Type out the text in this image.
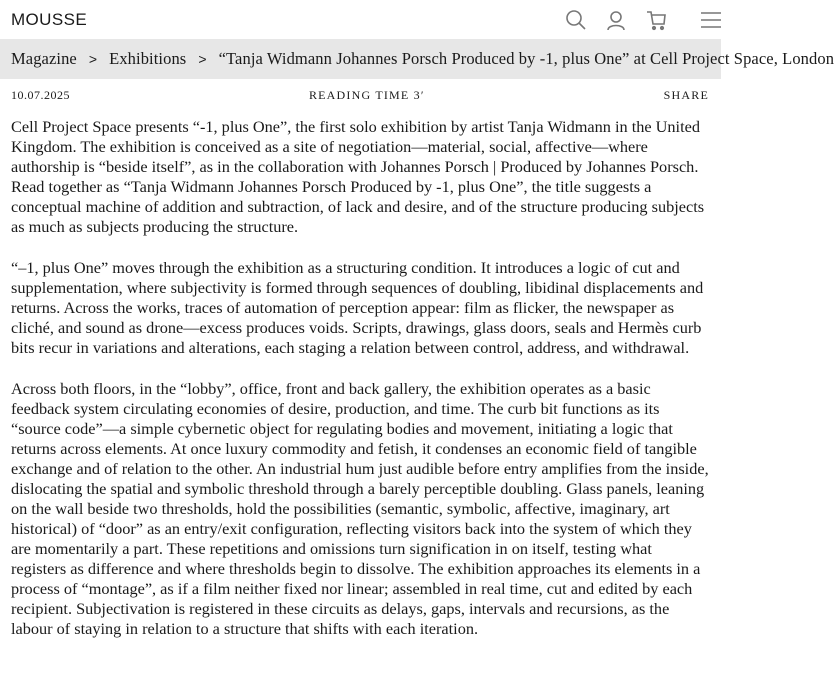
MOUSSE
Magazine > Exhibitions > “Tanja Widmann Johannes Porsch Produced by -1, plus One” at Cell Project Space, London
10.07.2025	READING TIME 3′	SHARE

Cell Project Space presents “-1, plus One”, the first solo exhibition by artist Tanja Widmann in the United Kingdom. The exhibition is conceived as a site of negotiation—material, social, affective—where authorship is “beside itself”, as in the collaboration with Johannes Porsch | Produced by Johannes Porsch. Read together as “Tanja Widmann Johannes Porsch Produced by -1, plus One”, the title suggests a conceptual machine of addition and subtraction, of lack and desire, and of the structure producing subjects as much as subjects producing the structure.

“–1, plus One” moves through the exhibition as a structuring condition. It introduces a logic of cut and supplementation, where subjectivity is formed through sequences of doubling, libidinal displacements and returns. Across the works, traces of automation of perception appear: film as flicker, the newspaper as cliché, and sound as drone—excess produces voids. Scripts, drawings, glass doors, seals and Hermès curb bits recur in variations and alterations, each staging a relation between control, address, and withdrawal.

Across both floors, in the “lobby”, office, front and back gallery, the exhibition operates as a basic feedback system circulating economies of desire, production, and time. The curb bit functions as its “source code”—a simple cybernetic object for regulating bodies and movement, initiating a logic that returns across elements. At once luxury commodity and fetish, it condenses an economic field of tangible exchange and of relation to the other. An industrial hum just audible before entry amplifies from the inside, dislocating the spatial and symbolic threshold through a barely perceptible doubling. Glass panels, leaning on the wall beside two thresholds, hold the possibilities (semantic, symbolic, affective, imaginary, art historical) of “door” as an entry/exit configuration, reflecting visitors back into the system of which they are momentarily a part. These repetitions and omissions turn signification in on itself, testing what registers as difference and where thresholds begin to dissolve. The exhibition approaches its elements in a process of “montage”, as if a film neither fixed nor linear; assembled in real time, cut and edited by each recipient. Subjectivation is registered in these circuits as delays, gaps, intervals and recursions, as the labour of staying in relation to a structure that shifts with each iteration.
